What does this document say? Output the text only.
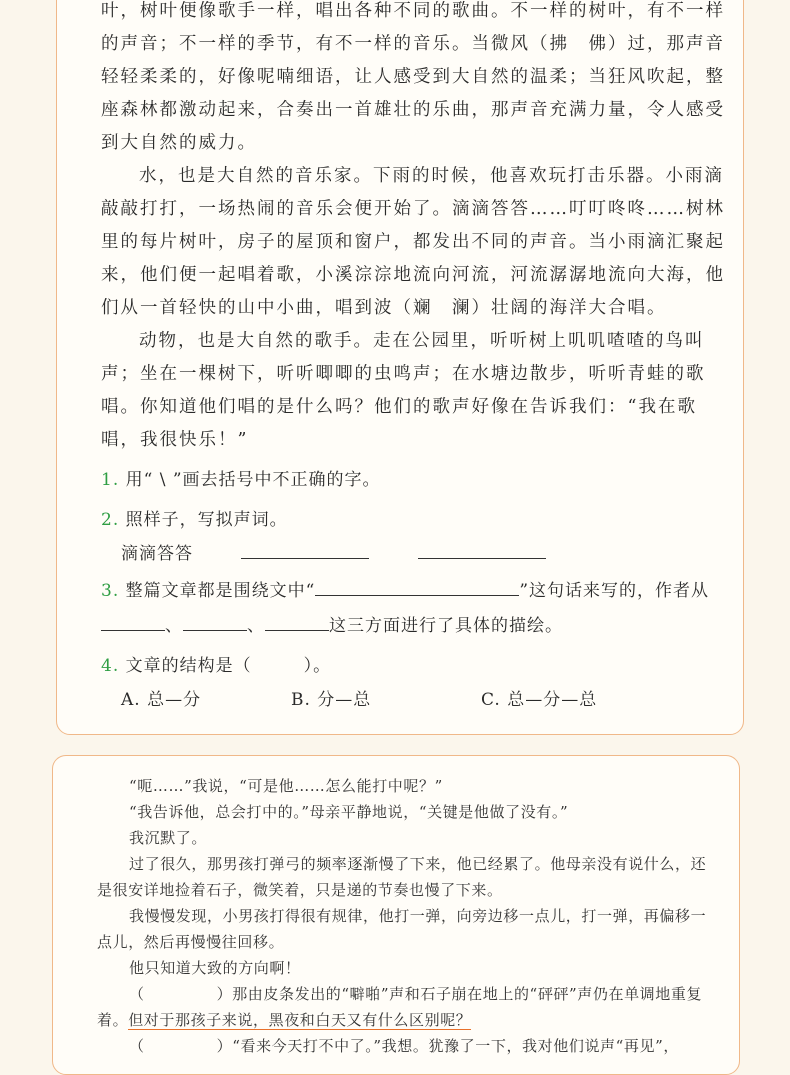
叶，树叶便像歌手一样，唱出各种不同的歌曲。不一样的树叶，有不一样的声音；不一样的季节，有不一样的音乐。当微风（拂　佛）过，那声音轻轻柔柔的，好像呢喃细语，让人感受到大自然的温柔；当狂风吹起，整座森林都激动起来，合奏出一首雄壮的乐曲，那声音充满力量，令人感受到大自然的威力。

水，也是大自然的音乐家。下雨的时候，他喜欢玩打击乐器。小雨滴敲敲打打，一场热闹的音乐会便开始了。滴滴答答……叮叮咚咚……树林里的每片树叶，房子的屋顶和窗户，都发出不同的声音。当小雨滴汇聚起来，他们便一起唱着歌，小溪淙淙地流向河流，河流潺潺地流向大海，他们从一首轻快的山中小曲，唱到波（斓　澜）壮阔的海洋大合唱。

动物，也是大自然的歌手。走在公园里，听听树上叽叽喳喳的鸟叫声；坐在一棵树下，听听唧唧的虫鸣声；在水塘边散步，听听青蛙的歌唱。你知道他们唱的是什么吗？他们的歌声好像在告诉我们：“我在歌唱，我很快乐！”

1. 用“ \ ”画去括号中不正确的字。
2. 照样子，写拟声词。
滴滴答答
3. 整篇文章都是围绕文中“	”这句话来写的，作者从
、	、	这三方面进行了具体的描绘。
4. 文章的结构是（	）。
A. 总—分	B. 分—总	C. 总—分—总

“呃……”我说，“可是他……怎么能打中呢？”

“我告诉他，总会打中的。”母亲平静地说，“关键是他做了没有。”

我沉默了。

过了很久，那男孩打弹弓的频率逐渐慢了下来，他已经累了。他母亲没有说什么，还是很安详地捡着石子，微笑着，只是递的节奏也慢了下来。

我慢慢发现，小男孩打得很有规律，他打一弹，向旁边移一点儿，打一弹，再偏移一点儿，然后再慢慢往回移。

他只知道大致的方向啊！

（	）那由皮条发出的“噼啪”声和石子崩在地上的“砰砰”声仍在单调地重复着。但对于那孩子来说，黑夜和白天又有什么区别呢？

（	）“看来今天打不中了。”我想。犹豫了一下，我对他们说声“再见”，
